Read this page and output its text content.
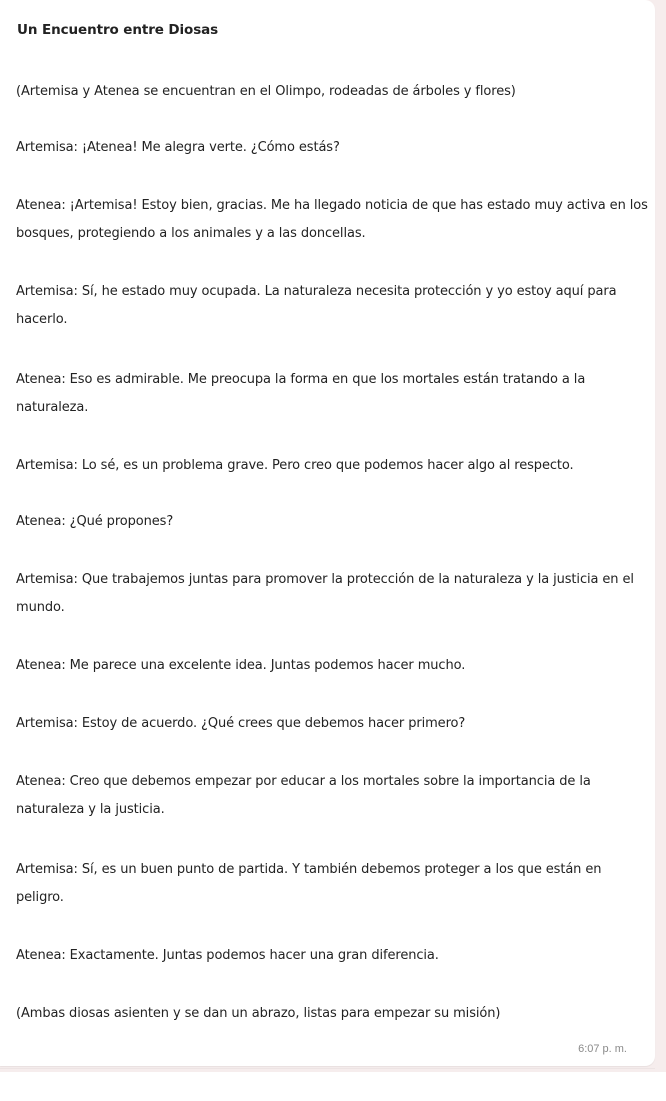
Un Encuentro entre Diosas
(Artemisa y Atenea se encuentran en el Olimpo, rodeadas de árboles y flores)
Artemisa: ¡Atenea! Me alegra verte. ¿Cómo estás?
Atenea: ¡Artemisa! Estoy bien, gracias. Me ha llegado noticia de que has estado muy activa en los bosques, protegiendo a los animales y a las doncellas.
Artemisa: Sí, he estado muy ocupada. La naturaleza necesita protección y yo estoy aquí para hacerlo.
Atenea: Eso es admirable. Me preocupa la forma en que los mortales están tratando a la naturaleza.
Artemisa: Lo sé, es un problema grave. Pero creo que podemos hacer algo al respecto.
Atenea: ¿Qué propones?
Artemisa: Que trabajemos juntas para promover la protección de la naturaleza y la justicia en el mundo.
Atenea: Me parece una excelente idea. Juntas podemos hacer mucho.
Artemisa: Estoy de acuerdo. ¿Qué crees que debemos hacer primero?
Atenea: Creo que debemos empezar por educar a los mortales sobre la importancia de la naturaleza y la justicia.
Artemisa: Sí, es un buen punto de partida. Y también debemos proteger a los que están en peligro.
Atenea: Exactamente. Juntas podemos hacer una gran diferencia.
(Ambas diosas asienten y se dan un abrazo, listas para empezar su misión)
6:07 p. m.
